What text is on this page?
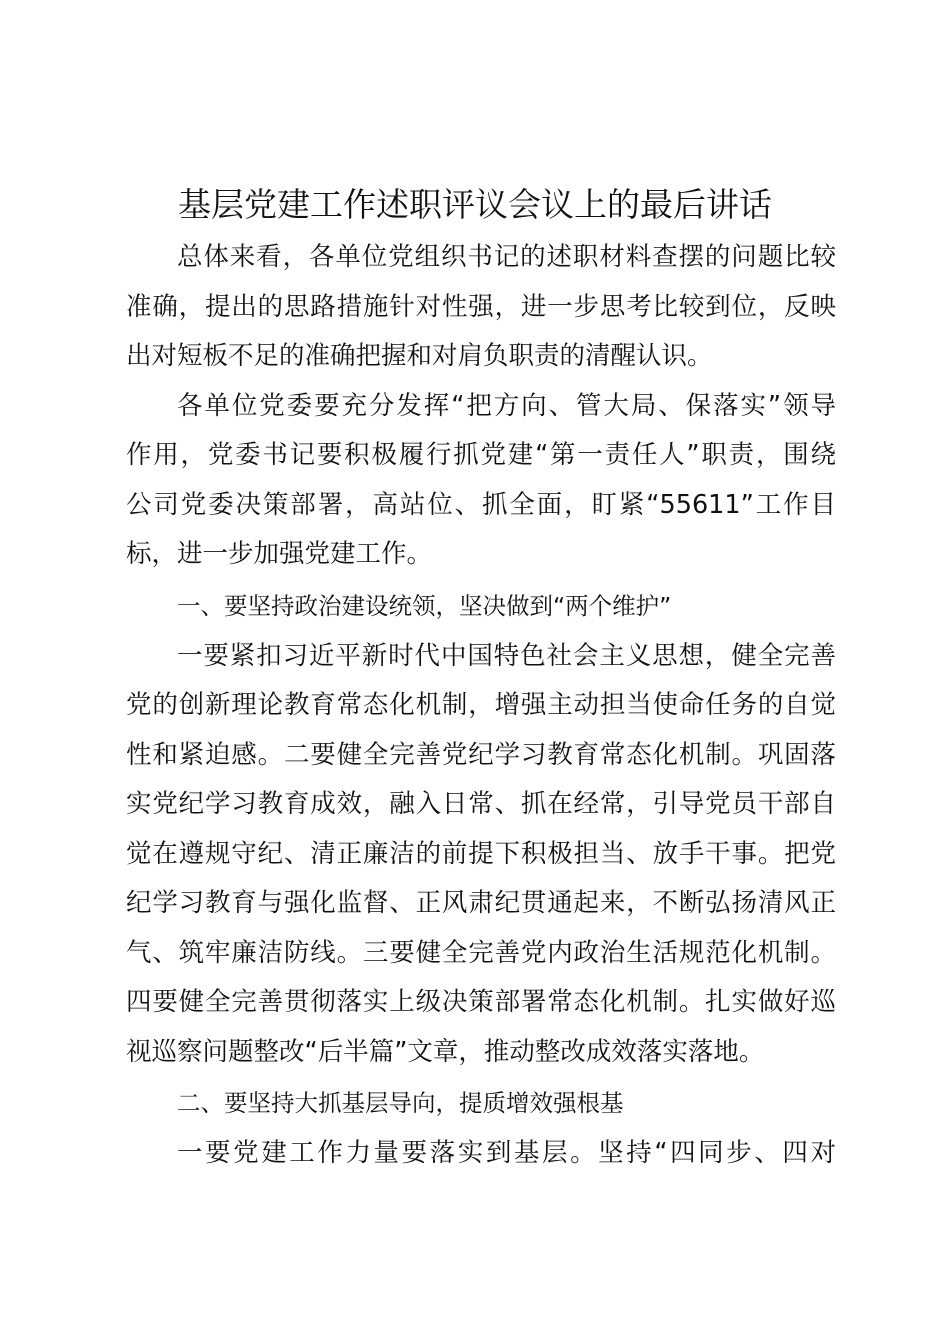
基层党建工作述职评议会议上的最后讲话
总体来看，各单位党组织书记的述职材料查摆的问题比较
准确，提出的思路措施针对性强，进一步思考比较到位，反映
出对短板不足的准确把握和对肩负职责的清醒认识。
各单位党委要充分发挥“把方向、管大局、保落实”领导
作用，党委书记要积极履行抓党建“第一责任人”职责，围绕
公司党委决策部署，高站位、抓全面，盯紧“55611”工作目
标，进一步加强党建工作。
一、要坚持政治建设统领，坚决做到“两个维护”
一要紧扣习近平新时代中国特色社会主义思想，健全完善
党的创新理论教育常态化机制，增强主动担当使命任务的自觉
性和紧迫感。二要健全完善党纪学习教育常态化机制。巩固落
实党纪学习教育成效，融入日常、抓在经常，引导党员干部自
觉在遵规守纪、清正廉洁的前提下积极担当、放手干事。把党
纪学习教育与强化监督、正风肃纪贯通起来，不断弘扬清风正
气、筑牢廉洁防线。三要健全完善党内政治生活规范化机制。
四要健全完善贯彻落实上级决策部署常态化机制。扎实做好巡
视巡察问题整改“后半篇”文章，推动整改成效落实落地。
二、要坚持大抓基层导向，提质增效强根基
一要党建工作力量要落实到基层。坚持“四同步、四对
